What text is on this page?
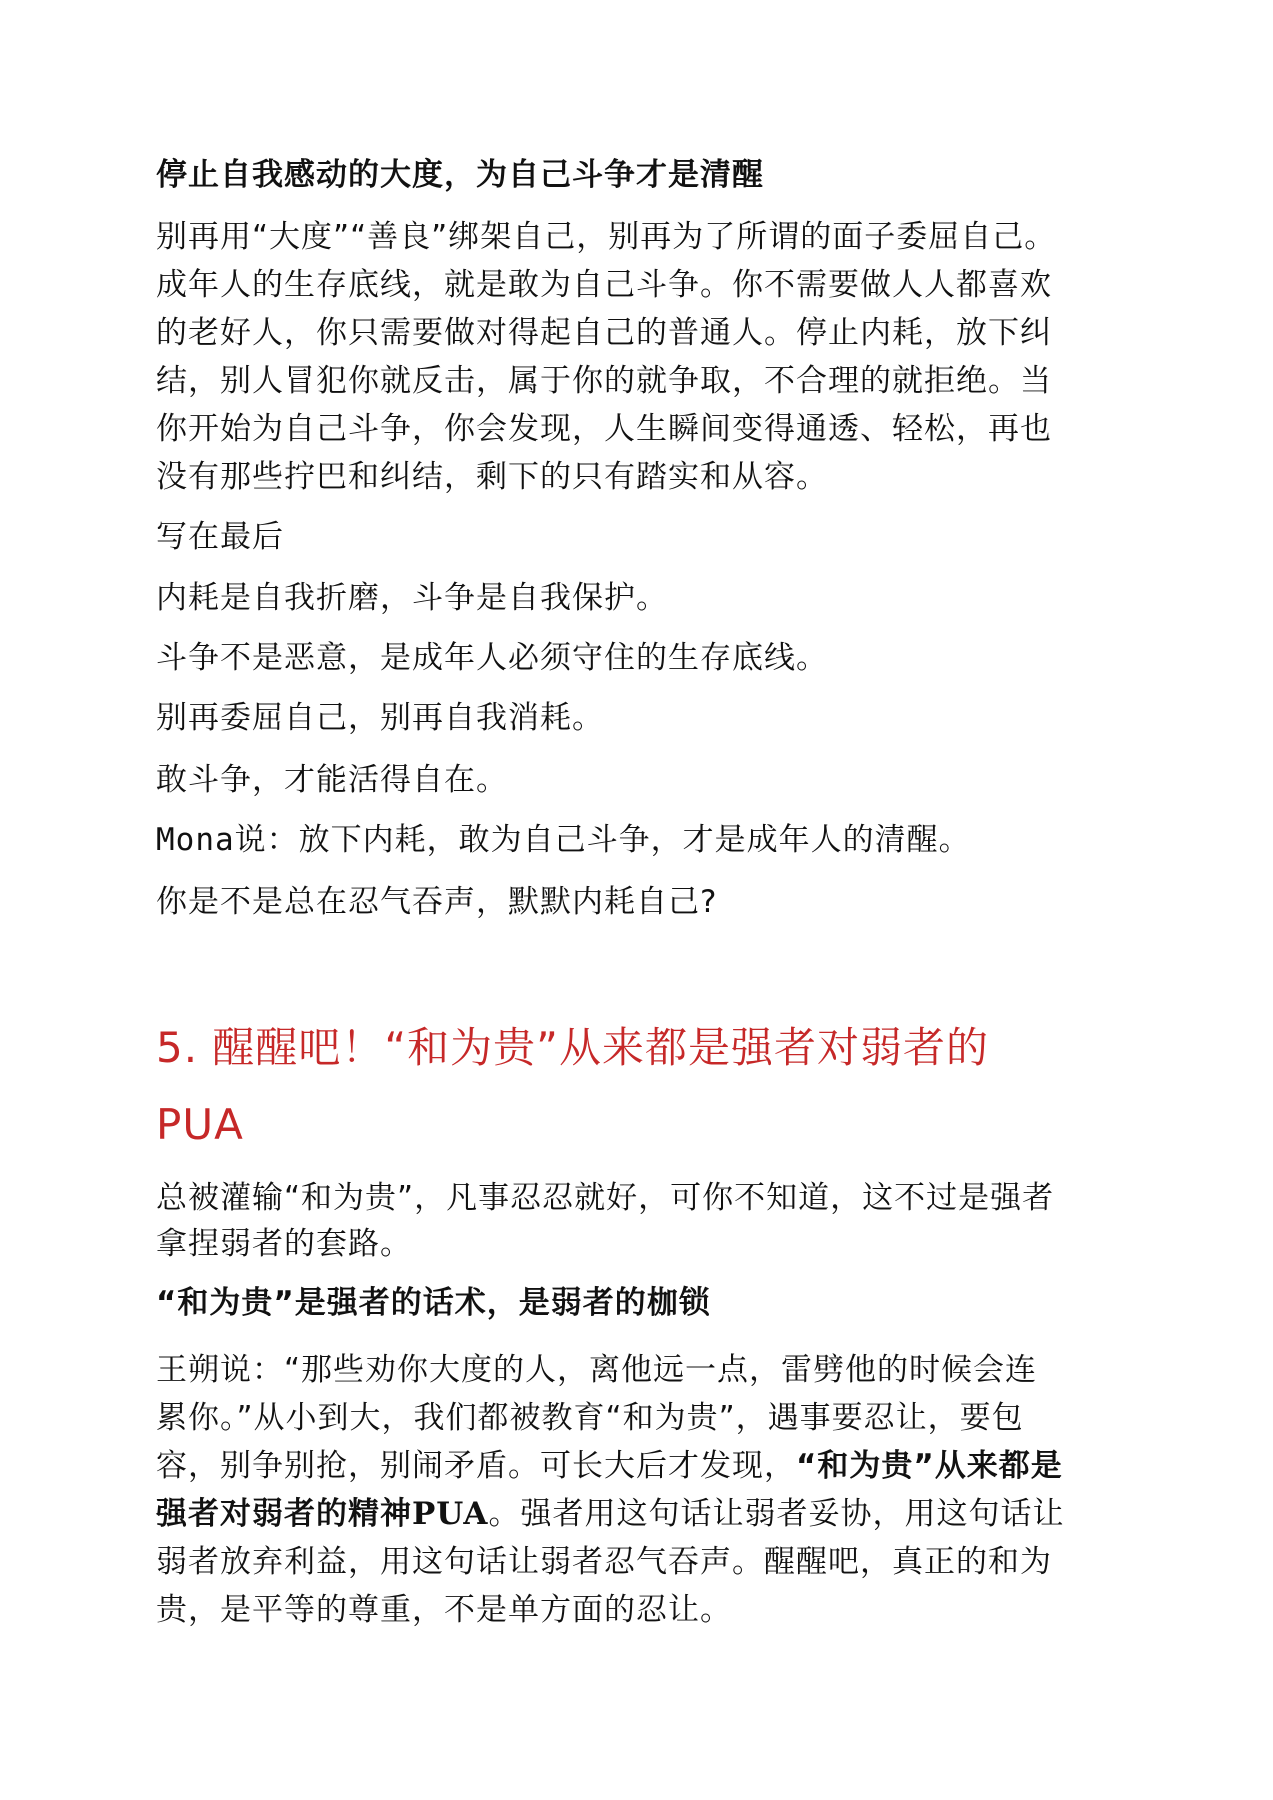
停止自我感动的大度，为自己斗争才是清醒
别再用“大度”“善良”绑架自己，别再为了所谓的面子委屈自己。
成年人的生存底线，就是敢为自己斗争。你不需要做人人都喜欢
的老好人，你只需要做对得起自己的普通人。停止内耗，放下纠
结，别人冒犯你就反击，属于你的就争取，不合理的就拒绝。当
你开始为自己斗争，你会发现，人生瞬间变得通透、轻松，再也
没有那些拧巴和纠结，剩下的只有踏实和从容。
写在最后
内耗是自我折磨，斗争是自我保护。
斗争不是恶意，是成年人必须守住的生存底线。
别再委屈自己，别再自我消耗。
敢斗争，才能活得自在。
Mona说：放下内耗，敢为自己斗争，才是成年人的清醒。
你是不是总在忍气吞声，默默内耗自己?
5. 醒醒吧！“和为贵”从来都是强者对弱者的
PUA
总被灌输“和为贵”，凡事忍忍就好，可你不知道，这不过是强者
拿捏弱者的套路。
“和为贵”是强者的话术，是弱者的枷锁
王朔说：“那些劝你大度的人，离他远一点，雷劈他的时候会连
累你。”从小到大，我们都被教育“和为贵”，遇事要忍让，要包
容，别争别抢，别闹矛盾。可长大后才发现，“和为贵”从来都是
强者对弱者的精神PUA。强者用这句话让弱者妥协，用这句话让
弱者放弃利益，用这句话让弱者忍气吞声。醒醒吧，真正的和为
贵，是平等的尊重，不是单方面的忍让。
